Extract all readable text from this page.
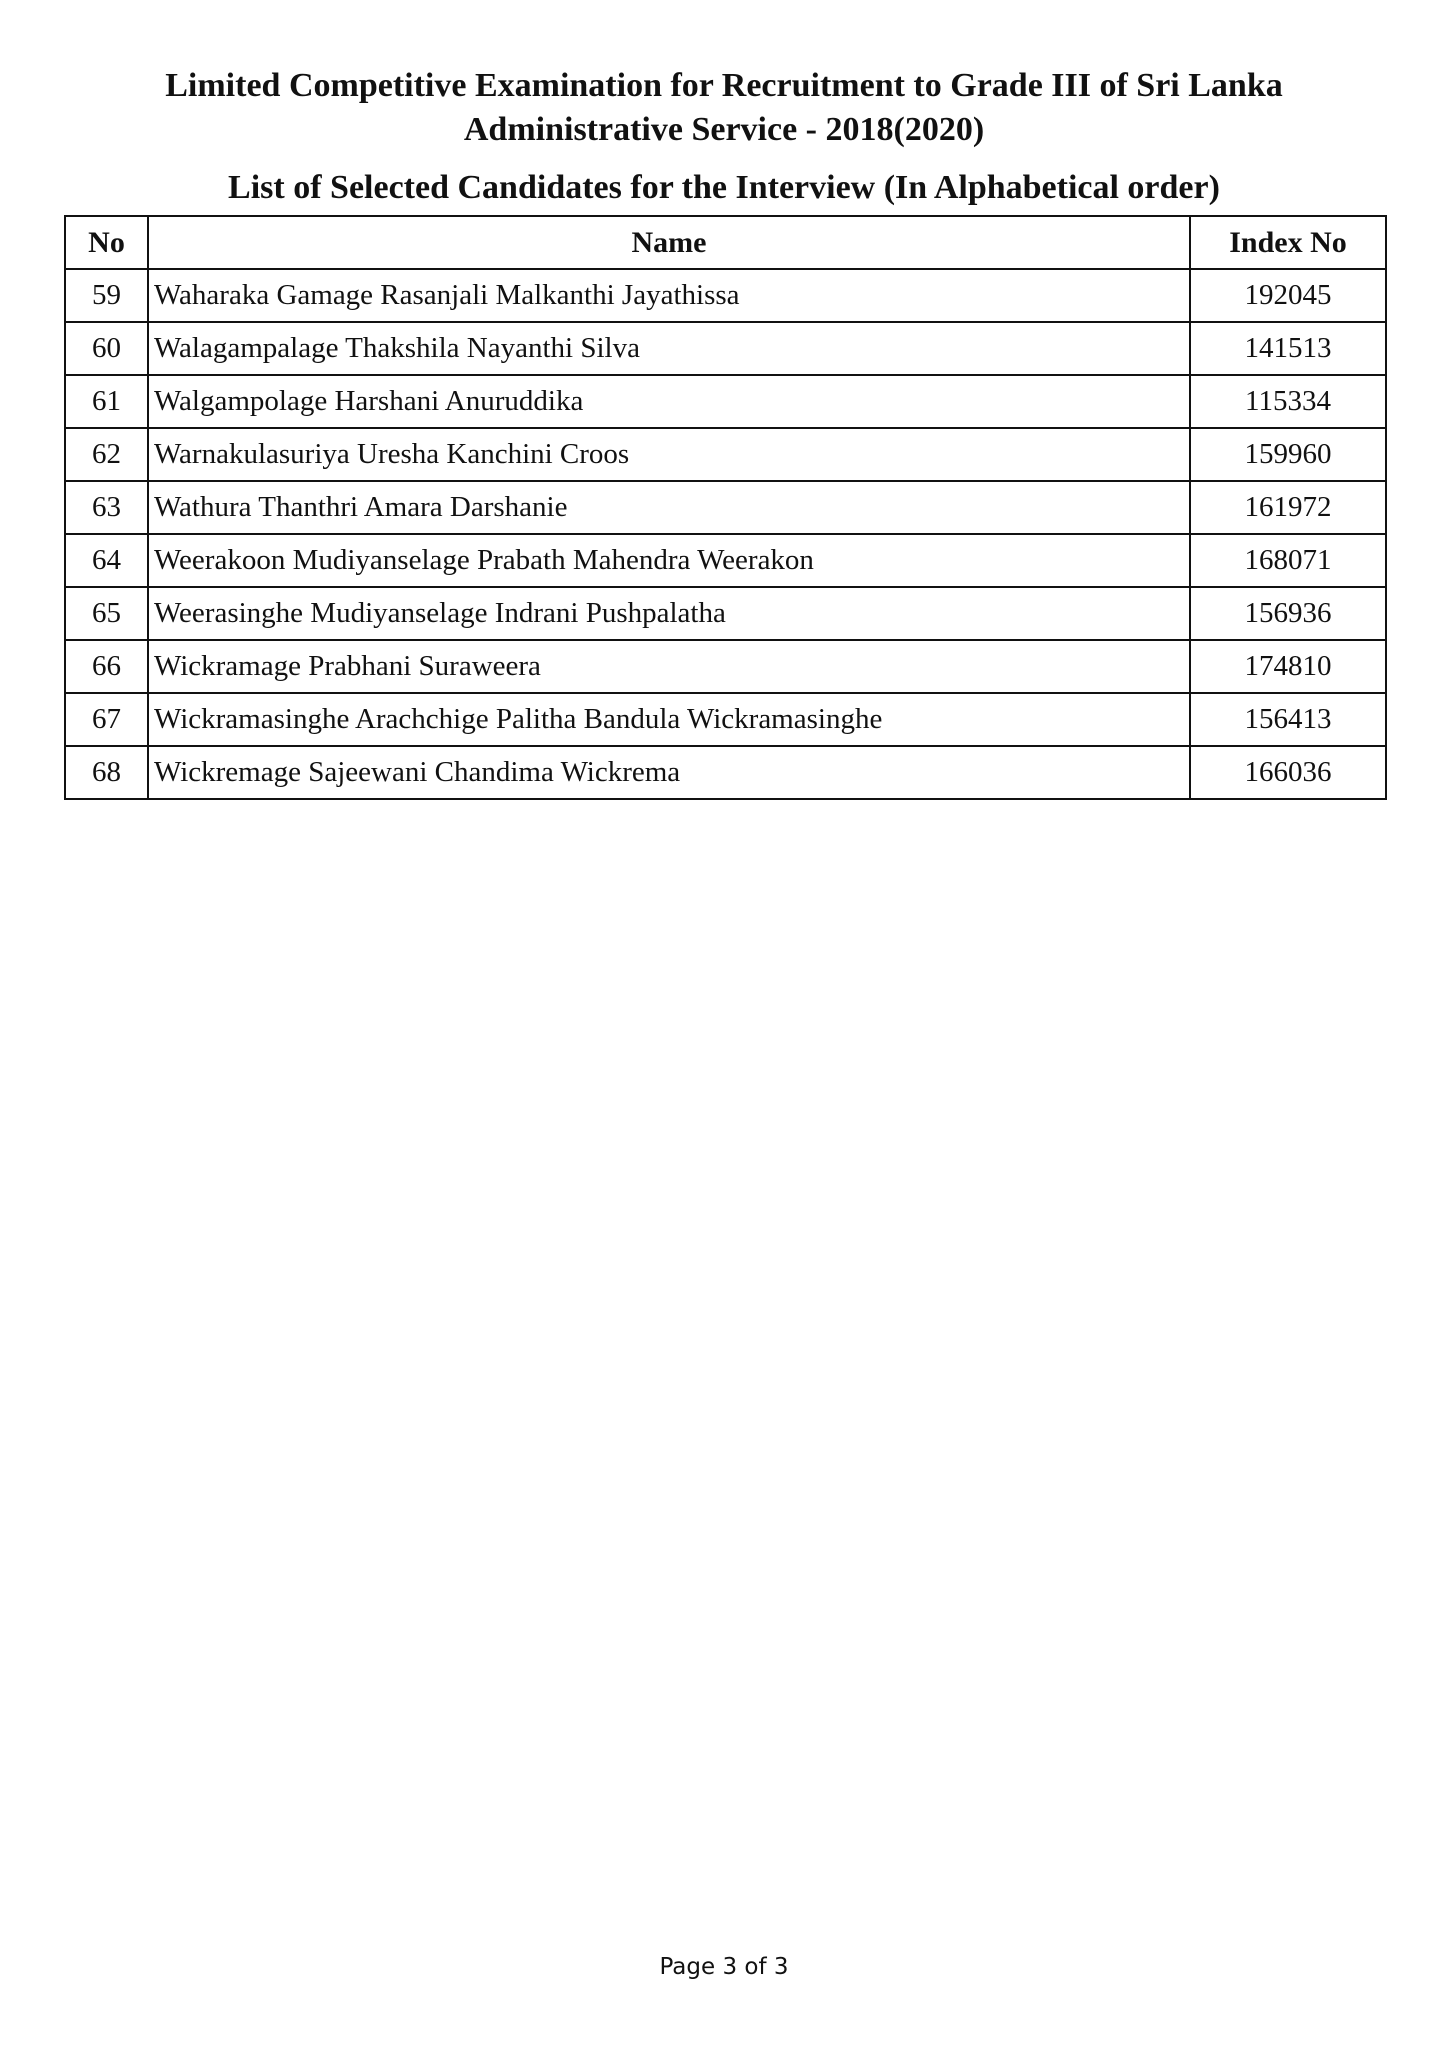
Limited Competitive Examination for Recruitment to Grade III of Sri Lanka
Administrative Service - 2018(2020)
List of Selected Candidates for the Interview (In Alphabetical order)
No	Name	Index No
59	Waharaka Gamage Rasanjali Malkanthi Jayathissa	192045
60	Walagampalage Thakshila Nayanthi Silva	141513
61	Walgampolage Harshani Anuruddika	115334
62	Warnakulasuriya Uresha Kanchini Croos	159960
63	Wathura Thanthri Amara Darshanie	161972
64	Weerakoon Mudiyanselage Prabath Mahendra Weerakon	168071
65	Weerasinghe Mudiyanselage Indrani Pushpalatha	156936
66	Wickramage Prabhani Suraweera	174810
67	Wickramasinghe Arachchige Palitha Bandula Wickramasinghe	156413
68	Wickremage Sajeewani Chandima Wickrema	166036
Page 3 of 3
